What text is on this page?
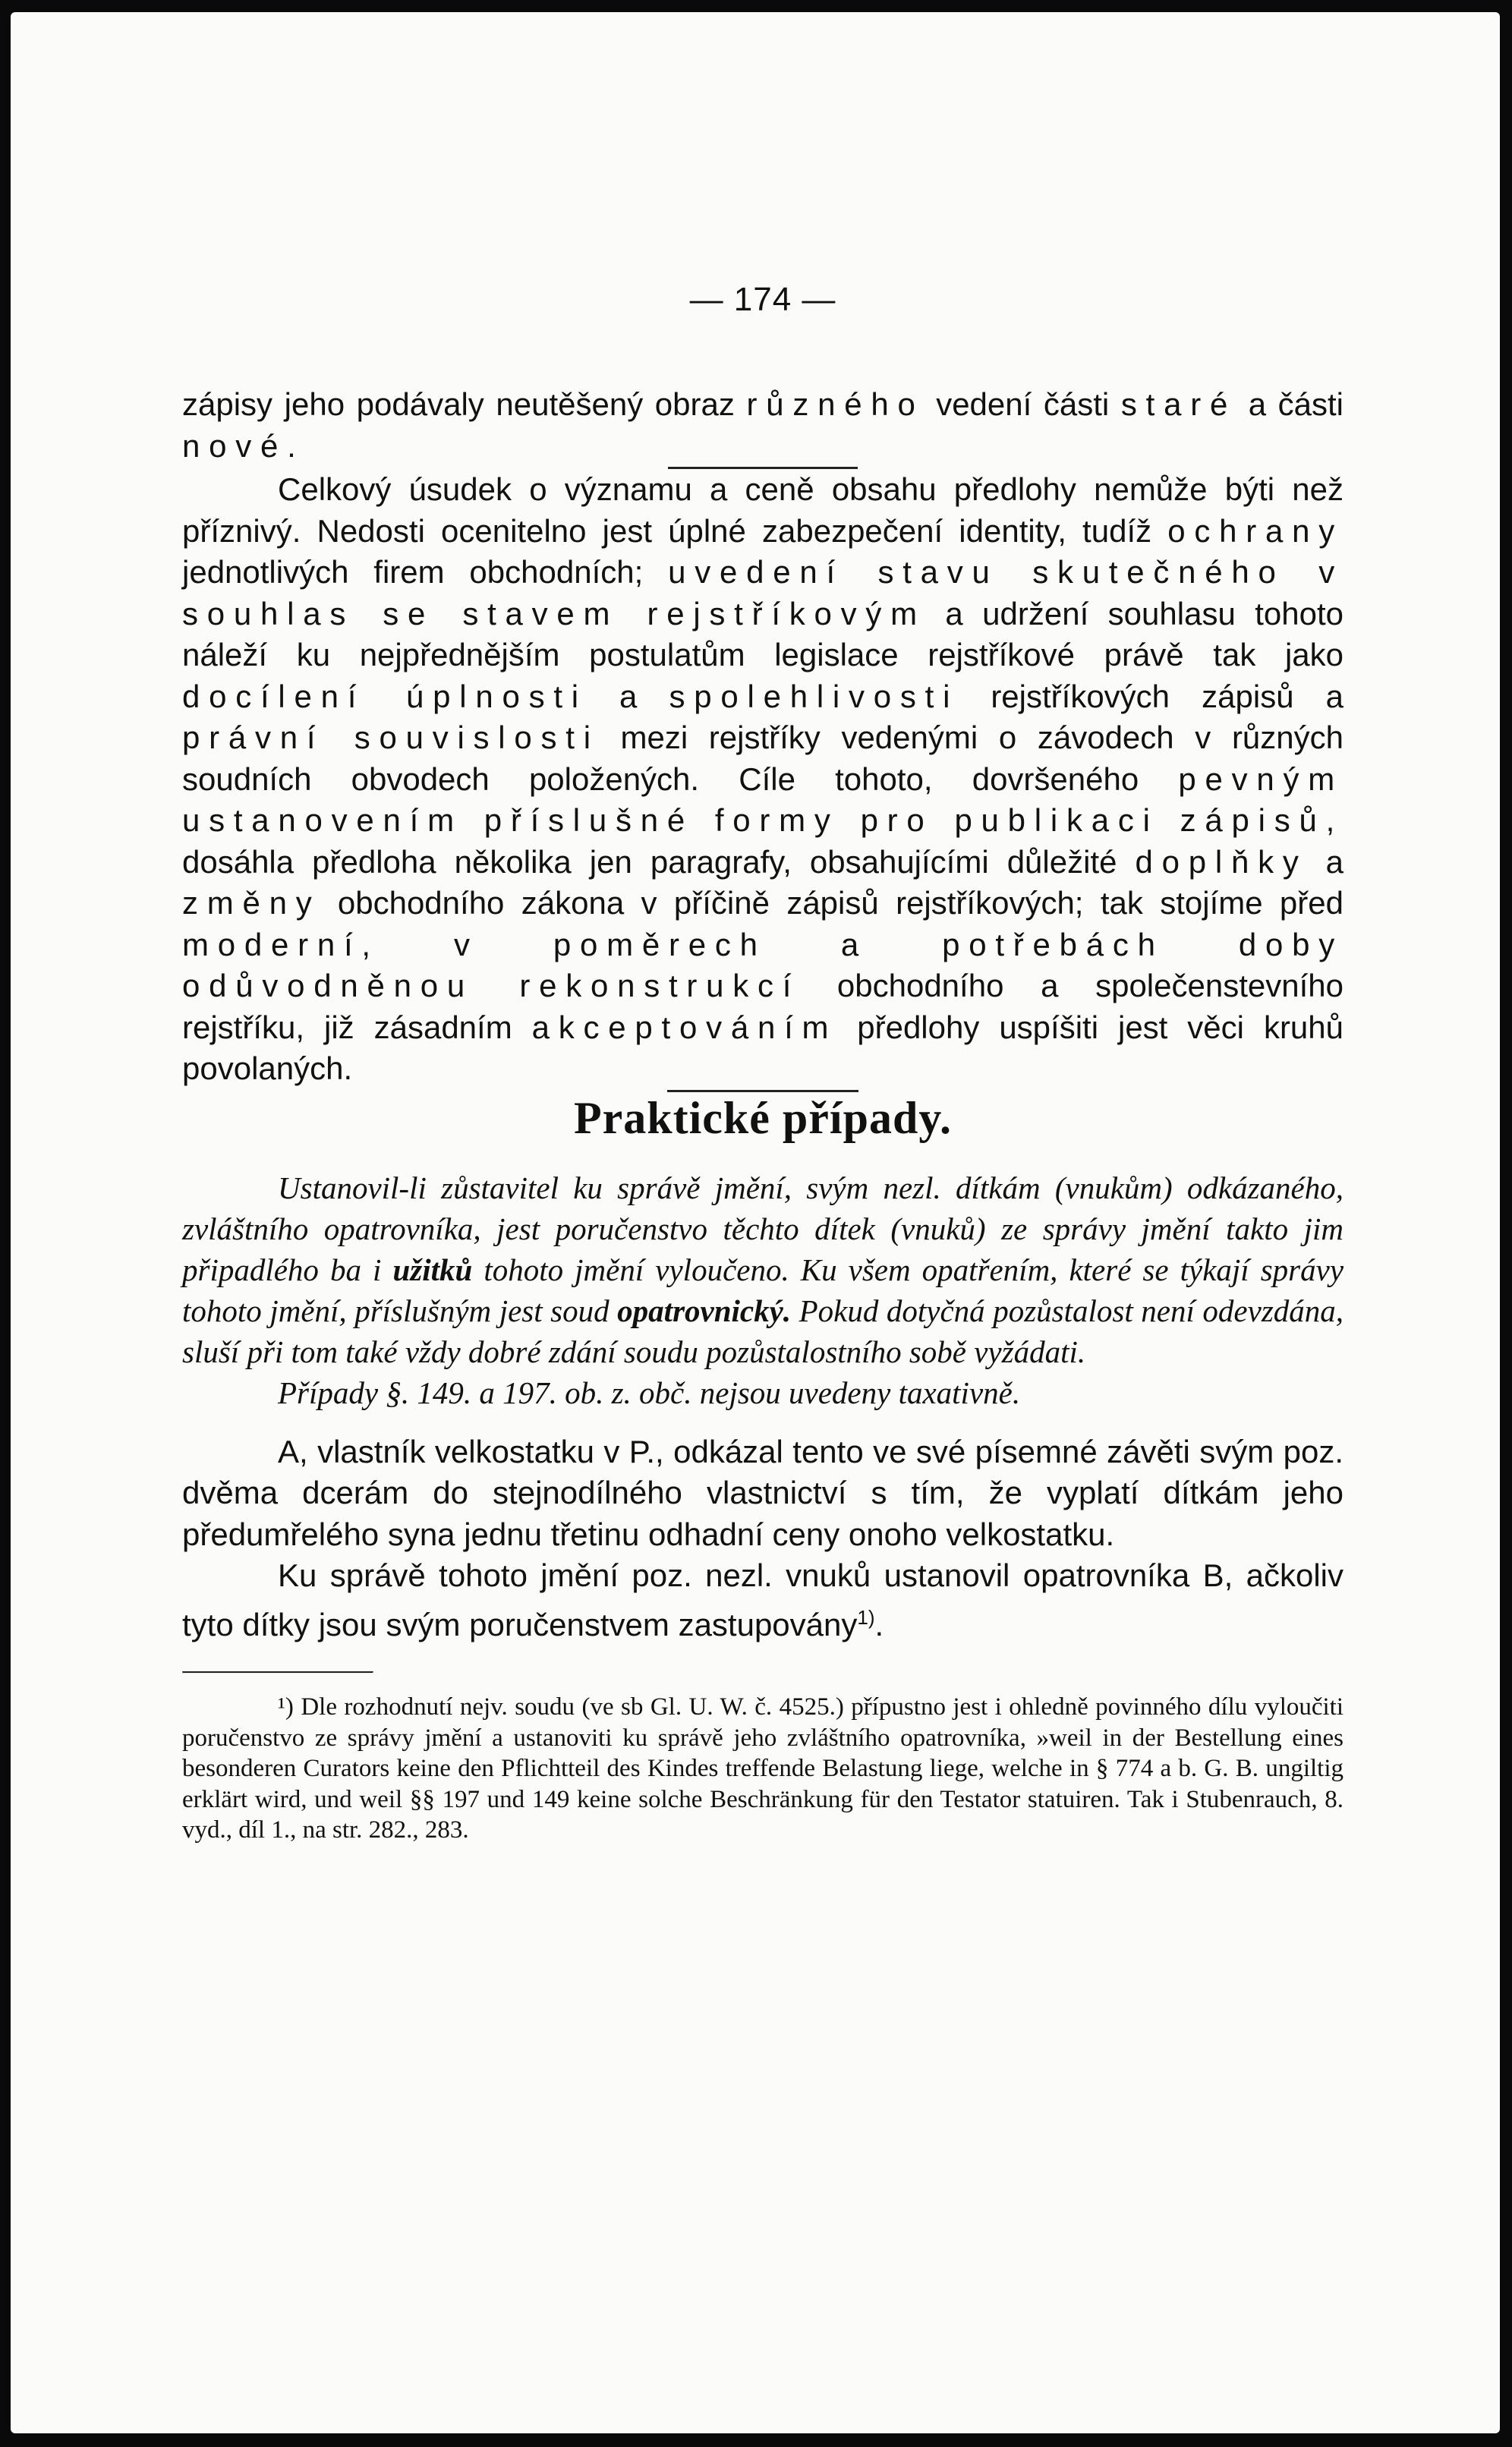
— 174 —

zápisy jeho podávaly neutěšený obraz různého vedení části staré a části nové.

Celkový úsudek o významu a ceně obsahu předlohy nemůže býti než příznivý. Nedosti ocenitelno jest úplné zabezpečení identity, tudíž ochrany jednotlivých firem obchodních; uvedení stavu skutečného v souhlas se stavem rejstříkovým a udržení souhlasu tohoto náleží ku nejpřednějším postulatům legislace rejstříkové právě tak jako docílení úplnosti a spolehlivosti rejstříkových zápisů a právní souvislosti mezi rejstříky vedenými o závodech v různých soudních obvodech položených. Cíle tohoto, dovršeného pevným ustanovením příslušné formy pro publikaci zápisů, dosáhla předloha několika jen paragrafy, obsahujícími důležité doplňky a změny obchodního zákona v příčině zápisů rejstříkových; tak stojíme před moderní, v poměrech a potřebách doby odůvodněnou rekonstrukcí obchodního a společenstevního rejstříku, již zásadním akceptováním předlohy uspíšiti jest věci kruhů povolaných.

Praktické případy.

Ustanovil-li zůstavitel ku správě jmění, svým nezl. dítkám (vnukům) odkázaného, zvláštního opatrovníka, jest poručenstvo těchto dítek (vnuků) ze správy jmění takto jim připadlého ba i užitků tohoto jmění vyloučeno. Ku všem opatřením, které se týkají správy tohoto jmění, příslušným jest soud opatrovnický. Pokud dotyčná pozůstalost není odevzdána, sluší při tom také vždy dobré zdání soudu pozůstalostního sobě vyžádati.

Případy §. 149. a 197. ob. z. obč. nejsou uvedeny taxativně.

A, vlastník velkostatku v P., odkázal tento ve své písemné závěti svým poz. dvěma dcerám do stejnodílného vlastnictví s tím, že vyplatí dítkám jeho předumřelého syna jednu třetinu odhadní ceny onoho velkostatku.

Ku správě tohoto jmění poz. nezl. vnuků ustanovil opatrovníka B, ačkoliv tyto dítky jsou svým poručenstvem zastupovány$^{1)}$.

¹) Dle rozhodnutí nejv. soudu (ve sb Gl. U. W. č. 4525.) přípustno jest i ohledně povinného dílu vyloučiti poručenstvo ze správy jmění a ustanoviti ku správě jeho zvláštního opatrovníka, »weil in der Bestellung eines besonderen Curators keine den Pflichtteil des Kindes treffende Belastung liege, welche in § 774 a b. G. B. ungiltig erklärt wird, und weil §§ 197 und 149 keine solche Beschränkung für den Testator statuiren. Tak i Stubenrauch, 8. vyd., díl 1., na str. 282., 283.
